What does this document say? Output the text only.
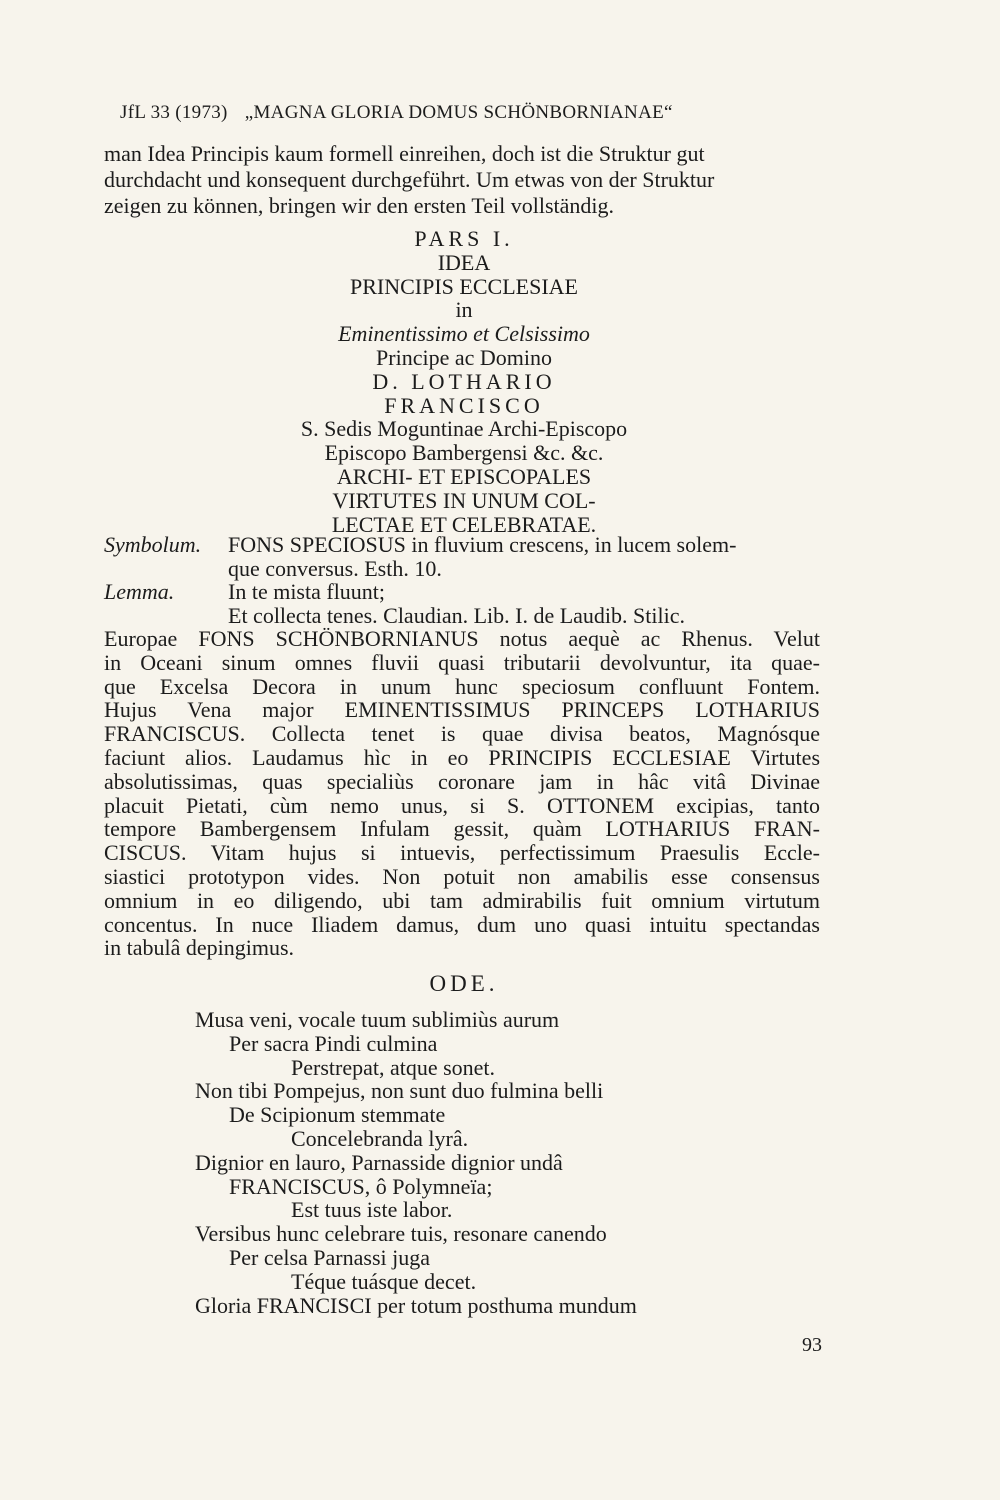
JfL 33 (1973) „MAGNA GLORIA DOMUS SCHÖNBORNIANAE“
man Idea Principis kaum formell einreihen, doch ist die Struktur gut
durchdacht und konsequent durchgeführt. Um etwas von der Struktur
zeigen zu können, bringen wir den ersten Teil vollständig.
PARS I.
IDEA
PRINCIPIS ECCLESIAE
in
Eminentissimo et Celsissimo
Principe ac Domino
D. LOTHARIO
FRANCISCO
S. Sedis Moguntinae Archi-Episcopo
Episcopo Bambergensi &c. &c.
ARCHI- ET EPISCOPALES
VIRTUTES IN UNUM COL-
LECTAE ET CELEBRATAE.
Symbolum. FONS SPECIOSUS in fluvium crescens, in lucem solem-
que conversus. Esth. 10.
Lemma. In te mista fluunt;
Et collecta tenes. Claudian. Lib. I. de Laudib. Stilic.
Europae FONS SCHÖNBORNIANUS notus aequè ac Rhenus. Velut
in Oceani sinum omnes fluvii quasi tributarii devolvuntur, ita quae-
que Excelsa Decora in unum hunc speciosum confluunt Fontem.
Hujus Vena major EMINENTISSIMUS PRINCEPS LOTHARIUS
FRANCISCUS. Collecta tenet is quae divisa beatos, Magnósque
faciunt alios. Laudamus hìc in eo PRINCIPIS ECCLESIAE Virtutes
absolutissimas, quas specialiùs coronare jam in hâc vitâ Divinae
placuit Pietati, cùm nemo unus, si S. OTTONEM excipias, tanto
tempore Bambergensem Infulam gessit, quàm LOTHARIUS FRAN-
CISCUS. Vitam hujus si intuevis, perfectissimum Praesulis Eccle-
siastici prototypon vides. Non potuit non amabilis esse consensus
omnium in eo diligendo, ubi tam admirabilis fuit omnium virtutum
concentus. In nuce Iliadem damus, dum uno quasi intuitu spectandas
in tabulâ depingimus.
ODE.
Musa veni, vocale tuum sublimiùs aurum
Per sacra Pindi culmina
Perstrepat, atque sonet.
Non tibi Pompejus, non sunt duo fulmina belli
De Scipionum stemmate
Concelebranda lyrâ.
Dignior en lauro, Parnasside dignior undâ
FRANCISCUS, ô Polymneïa;
Est tuus iste labor.
Versibus hunc celebrare tuis, resonare canendo
Per celsa Parnassi juga
Téque tuásque decet.
Gloria FRANCISCI per totum posthuma mundum
93
